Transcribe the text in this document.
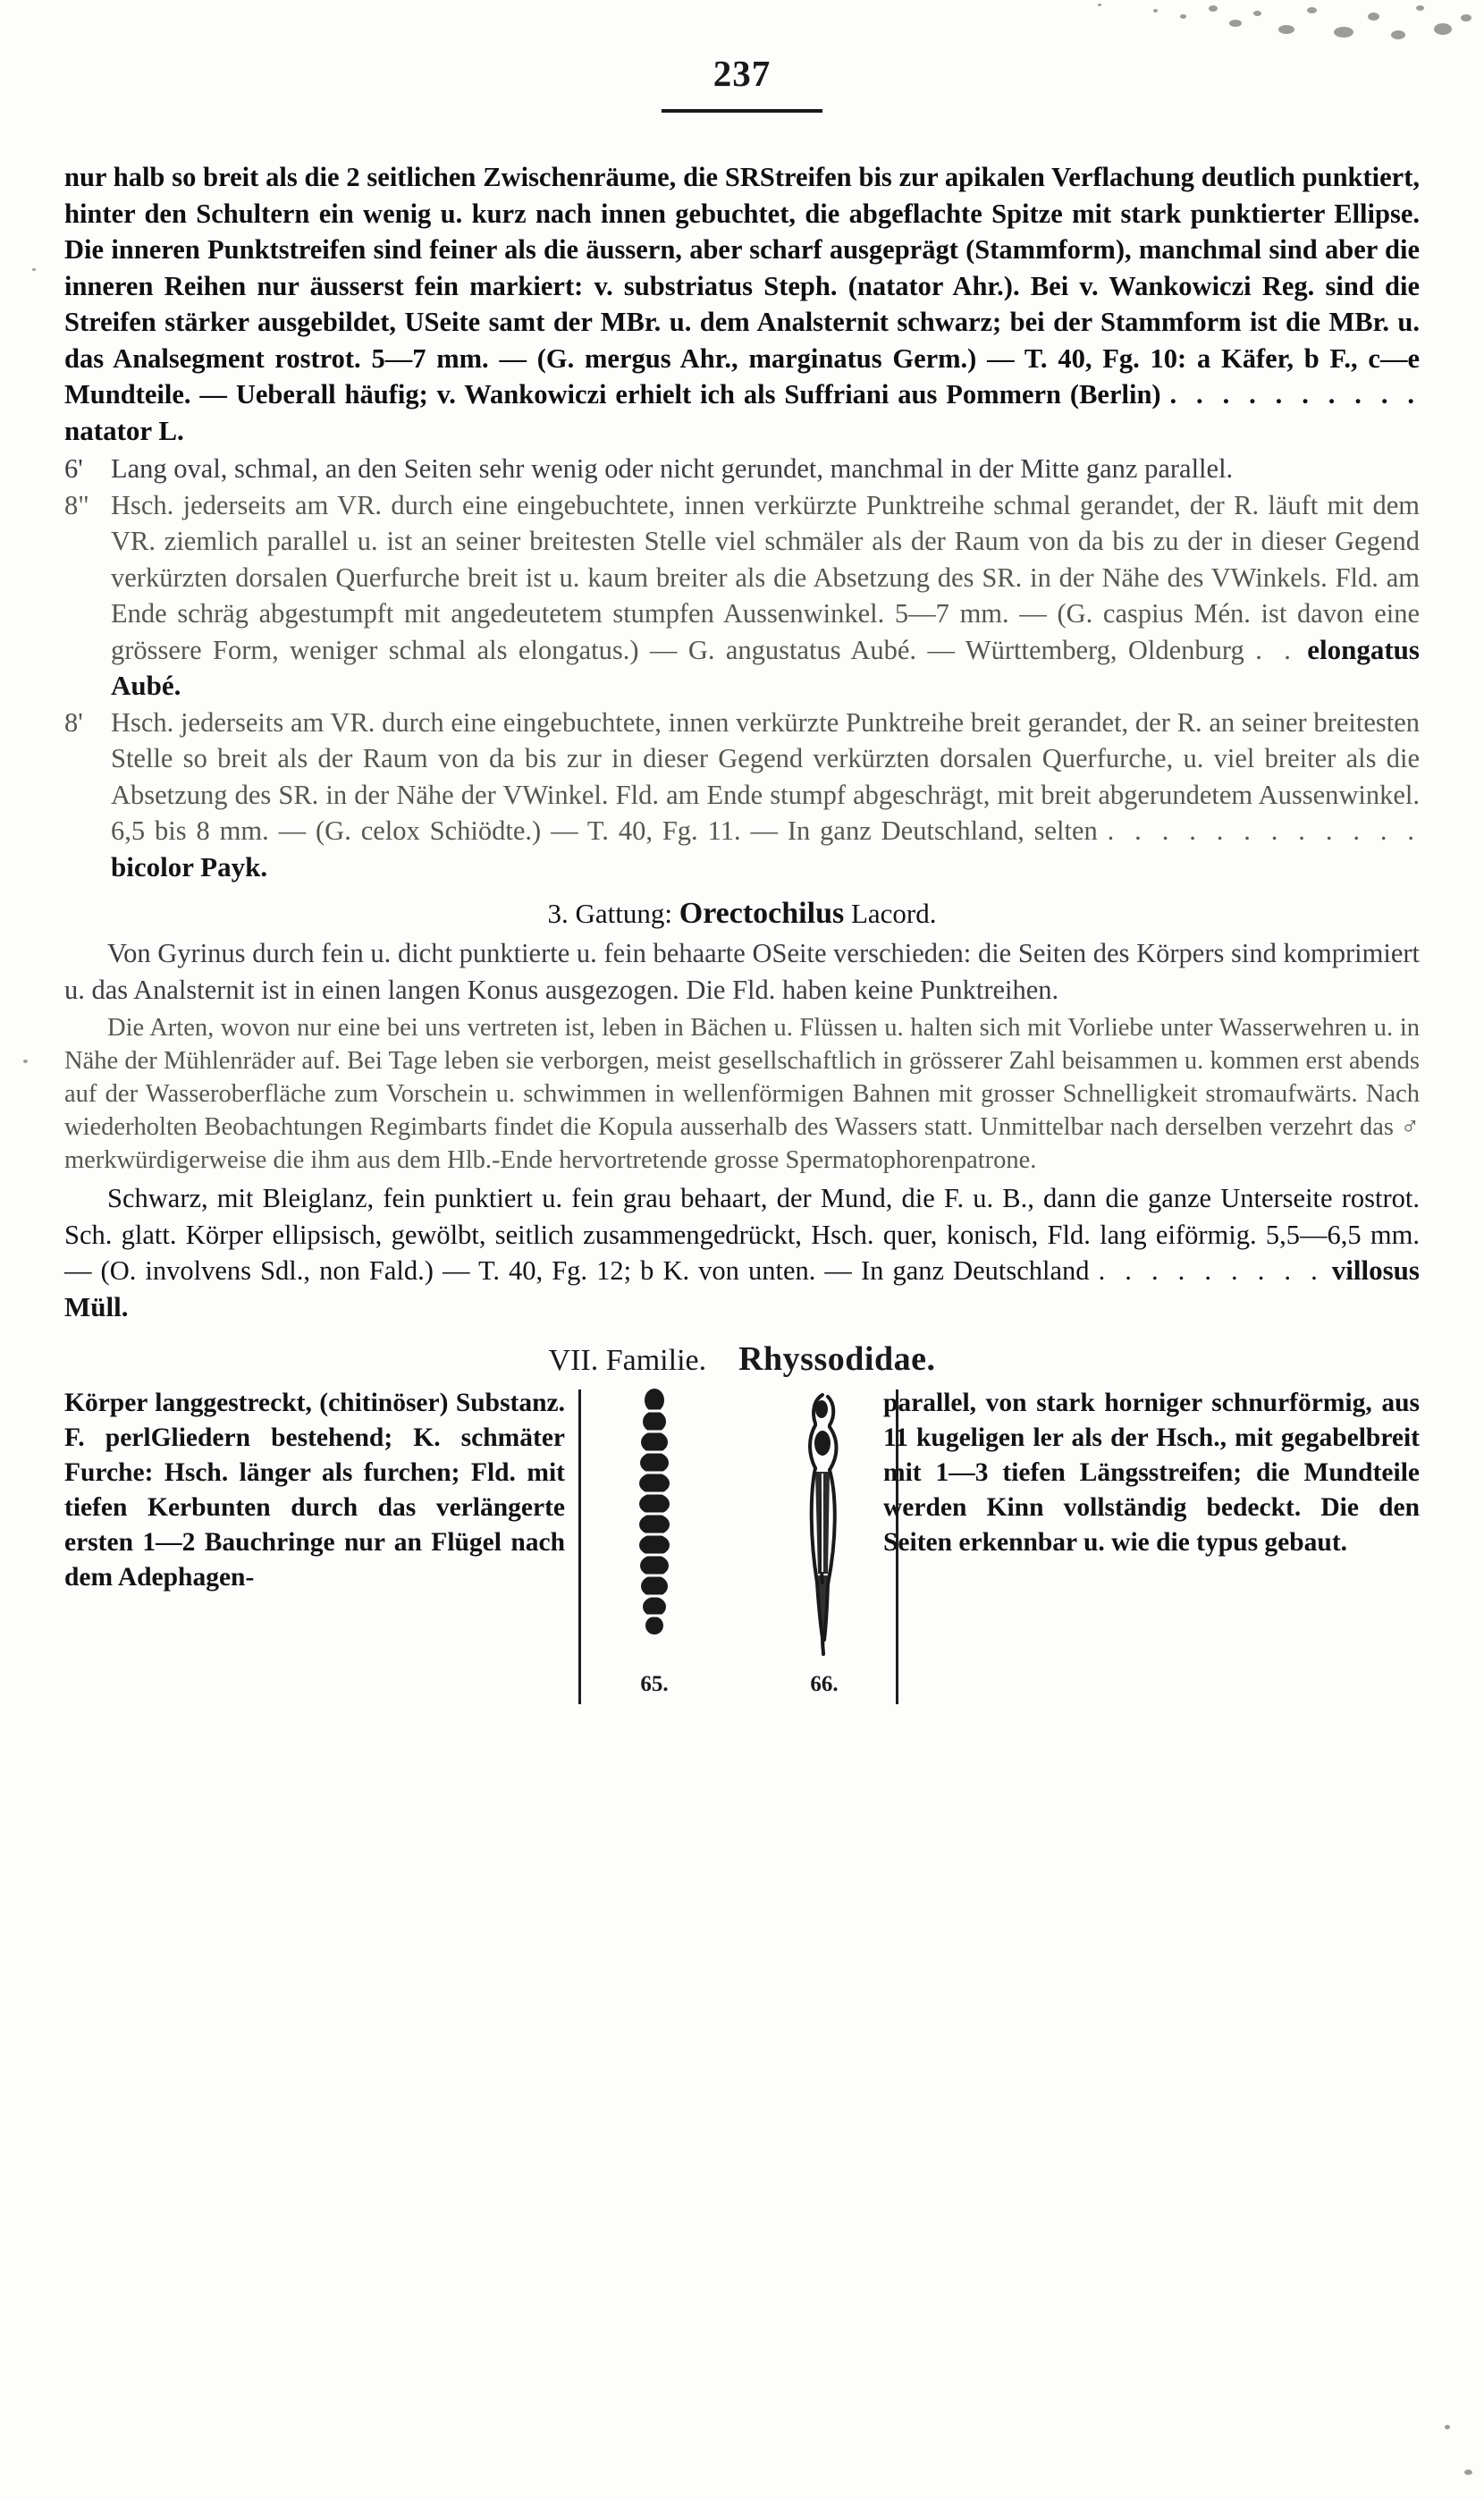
237

nur halb so breit als die 2 seitlichen Zwischenräume, die SRStreifen bis zur apikalen Verflachung deutlich punktiert, hinter den Schultern ein wenig u. kurz nach innen gebuchtet, die abgeflachte Spitze mit stark punktierter Ellipse. Die inneren Punktstreifen sind feiner als die äussern, aber scharf ausgeprägt (Stammform), manchmal sind aber die inneren Reihen nur äusserst fein markiert: v. substriatus Steph. (natator Ahr.). Bei v. Wankowiczi Reg. sind die Streifen stärker ausgebildet, USeite samt der MBr. u. dem Analsternit schwarz; bei der Stammform ist die MBr. u. das Analsegment rostrot. 5—7 mm. — (G. mergus Ahr., marginatus Germ.) — T. 40, Fg. 10: a Käfer, b F., c—e Mundteile. — Ueberall häufig; v. Wankowiczi erhielt ich als Suffriani aus Pommern (Berlin) . . . . . . . . . . natator L.

6'	Lang oval, schmal, an den Seiten sehr wenig oder nicht gerundet, manchmal in der Mitte ganz parallel.
8" Hsch. jederseits am VR. durch eine eingebuchtete, innen verkürzte Punktreihe schmal gerandet, der R. läuft mit dem VR. ziemlich parallel u. ist an seiner breitesten Stelle viel schmäler als der Raum von da bis zu der in dieser Gegend verkürzten dorsalen Querfurche breit ist u. kaum breiter als die Absetzung des SR. in der Nähe des VWinkels. Fld. am Ende schräg abgestumpft mit angedeutetem stumpfen Aussenwinkel. 5—7 mm. — (G. caspius Mén. ist davon eine grössere Form, weniger schmal als elongatus.) — G. angustatus Aubé. — Württemberg, Oldenburg . . elongatus Aubé.
8'	Hsch. jederseits am VR. durch eine eingebuchtete, innen verkürzte Punktreihe breit gerandet, der R. an seiner breitesten Stelle so breit als der Raum von da bis zur in dieser Gegend verkürzten dorsalen Querfurche, u. viel breiter als die Absetzung des SR. in der Nähe der VWinkel. Fld. am Ende stumpf abgeschrägt, mit breit abgerundetem Aussenwinkel. 6,5 bis 8 mm. — (G. celox Schiödte.) — T. 40, Fg. 11. — In ganz Deutschland, selten . . . . . . . . . . . . bicolor Payk.
3. Gattung: Orectochilus Lacord.

Von Gyrinus durch fein u. dicht punktierte u. fein behaarte OSeite verschieden: die Seiten des Körpers sind komprimiert u. das Analsternit ist in einen langen Konus ausgezogen. Die Fld. haben keine Punktreihen.

Die Arten, wovon nur eine bei uns vertreten ist, leben in Bächen u. Flüssen u. halten sich mit Vorliebe unter Wasserwehren u. in Nähe der Mühlenräder auf. Bei Tage leben sie verborgen, meist gesellschaftlich in grösserer Zahl beisammen u. kommen erst abends auf der Wasseroberfläche zum Vorschein u. schwimmen in wellenförmigen Bahnen mit grosser Schnelligkeit stromaufwärts. Nach wiederholten Beobachtungen Regimbarts findet die Kopula ausserhalb des Wassers statt. Unmittelbar nach derselben verzehrt das ♂ merkwürdigerweise die ihm aus dem Hlb.-Ende hervortretende grosse Spermatophorenpatrone.

Schwarz, mit Bleiglanz, fein punktiert u. fein grau behaart, der Mund, die F. u. B., dann die ganze Unterseite rostrot. Sch. glatt. Körper ellipsisch, gewölbt, seitlich zusammengedrückt, Hsch. quer, konisch, Fld. lang eiförmig. 5,5—6,5 mm. — (O. involvens Sdl., non Fald.) — T. 40, Fg. 12; b K. von unten. — In ganz Deutschland . . . . . . . . . villosus Müll.

VII. Familie. Rhyssodidae.
Körper langgestreckt, (chitinöser) Substanz. F. perlGliedern bestehend; K. schmäter Furche: Hsch. länger als furchen; Fld. mit tiefen Kerbunten durch das verlängerte ersten 1—2 Bauchringe nur an Flügel nach dem Adephagen-
65.	66.
parallel, von stark horniger schnurförmig, aus 11 kugeligen ler als der Hsch., mit gegabelbreit mit 1—3 tiefen Längsstreifen; die Mundteile werden Kinn vollständig bedeckt. Die den Seiten erkennbar u. wie die typus gebaut.
